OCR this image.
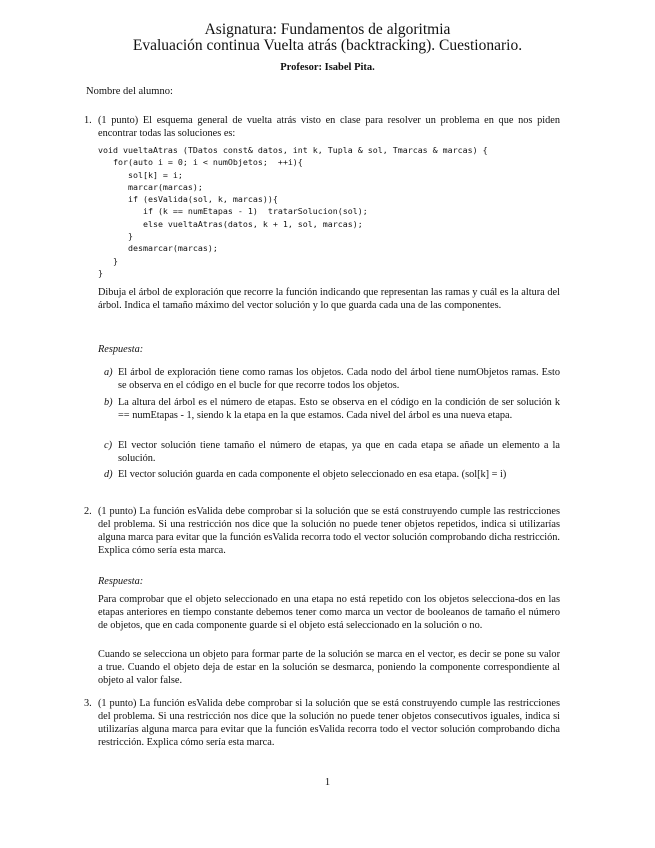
Asignatura: Fundamentos de algoritmia
Evaluación continua Vuelta atrás (backtracking). Cuestionario.
Profesor: Isabel Pita.
Nombre del alumno:
1. (1 punto) El esquema general de vuelta atrás visto en clase para resolver un problema en que nos piden encontrar todas las soluciones es:
void vueltaAtras (TDatos const& datos, int k, Tupla & sol, Tmarcas & marcas) {
for(auto i = 0; i < numObjetos;  ++i){
sol[k] = i;
marcar(marcas);
if (esValida(sol, k, marcas)){
if (k == numEtapas - 1)  tratarSolucion(sol);
else vueltaAtras(datos, k + 1, sol, marcas);
}
desmarcar(marcas);
}
}
Dibuja el árbol de exploración que recorre la función indicando que representan las ramas y cuál es la altura del árbol. Indica el tamaño máximo del vector solución y lo que guarda cada una de las componentes.
Respuesta:
a) El árbol de exploración tiene como ramas los objetos. Cada nodo del árbol tiene numObjetos ramas. Esto se observa en el código en el bucle for que recorre todos los objetos.
b) La altura del árbol es el número de etapas. Esto se observa en el código en la condición de ser solución k == numEtapas - 1, siendo k la etapa en la que estamos. Cada nivel del árbol es una nueva etapa.
c) El vector solución tiene tamaño el número de etapas, ya que en cada etapa se añade un elemento a la solución.
d) El vector solución guarda en cada componente el objeto seleccionado en esa etapa. (sol[k] = i)
2. (1 punto) La función esValida debe comprobar si la solución que se está construyendo cumple las restricciones del problema. Si una restricción nos dice que la solución no puede tener objetos repetidos, indica si utilizarías alguna marca para evitar que la función esValida recorra todo el vector solución comprobando dicha restricción. Explica cómo sería esta marca.
Respuesta:
Para comprobar que el objeto seleccionado en una etapa no está repetido con los objetos selecciona-dos en las etapas anteriores en tiempo constante debemos tener como marca un vector de booleanos de tamaño el número de objetos, que en cada componente guarde si el objeto está seleccionado en la solución o no.
Cuando se selecciona un objeto para formar parte de la solución se marca en el vector, es decir se pone su valor a true. Cuando el objeto deja de estar en la solución se desmarca, poniendo la componente correspondiente al objeto al valor false.
3. (1 punto) La función esValida debe comprobar si la solución que se está construyendo cumple las restricciones del problema. Si una restricción nos dice que la solución no puede tener objetos consecutivos iguales, indica si utilizarías alguna marca para evitar que la función esValida recorra todo el vector solución comprobando dicha restricción. Explica cómo sería esta marca.
1
